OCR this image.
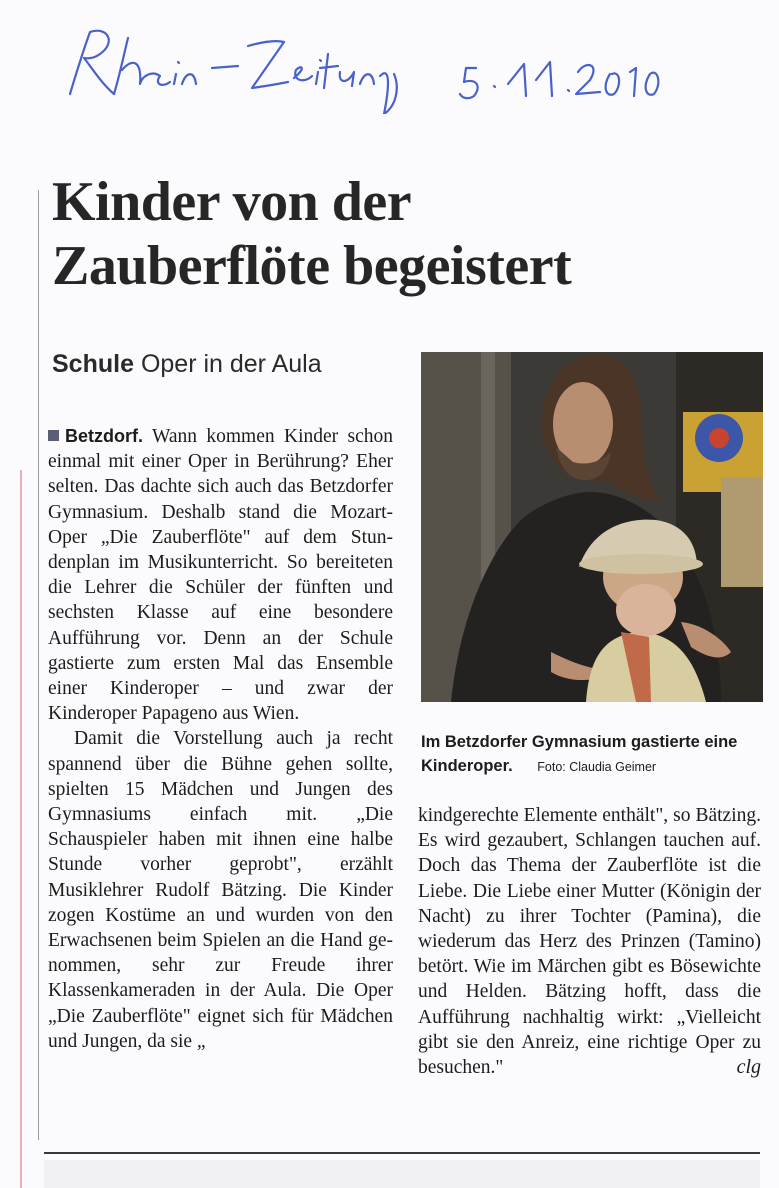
Kinder von der
Zauberflöte begeistert
Schule Oper in der Aula

Betzdorf. Wann kommen Kinder schon einmal mit einer Oper in Berührung? Eher selten. Das dachte sich auch das Betzdorfer Gymnasium. Deshalb stand die Mozart-Oper „Die Zauberflöte" auf dem Stundenplan im Musikunterricht. So bereiteten die Lehrer die Schüler der fünften und sechsten Klasse auf eine besondere Aufführung vor. Denn an der Schule gastierte zum ersten Mal das Ensemble einer Kinderoper – und zwar der Kinderoper Papageno aus Wien.

Damit die Vorstellung auch ja recht spannend über die Bühne gehen sollte, spielten 15 Mädchen und Jungen des Gymnasiums einfach mit. „Die Schauspieler haben mit ihnen eine halbe Stunde vorher geprobt", erzählt Musiklehrer Rudolf Bätzing. Die Kinder zogen Kostüme an und wurden von den Erwachsenen beim Spielen an die Hand genommen, sehr zur Freude ihrer Klassenkameraden in der Aula. Die Oper „Die Zauberflöte" eignet sich für Mädchen und Jungen, da sie „

Im Betzdorfer Gymnasium gastierte eine Kinderoper. Foto: Claudia Geimer

kindgerechte Elemente enthält", so Bätzing. Es wird gezaubert, Schlangen tauchen auf. Doch das Thema der Zauberflöte ist die Liebe. Die Liebe einer Mutter (Königin der Nacht) zu ihrer Tochter (Pamina), die wiederum das Herz des Prinzen (Tamino) betört. Wie im Märchen gibt es Bösewichte und Helden. Bätzing hofft, dass die Aufführung nachhaltig wirkt: „Vielleicht gibt sie den Anreiz, eine richtige Oper zu besuchen."	clg
